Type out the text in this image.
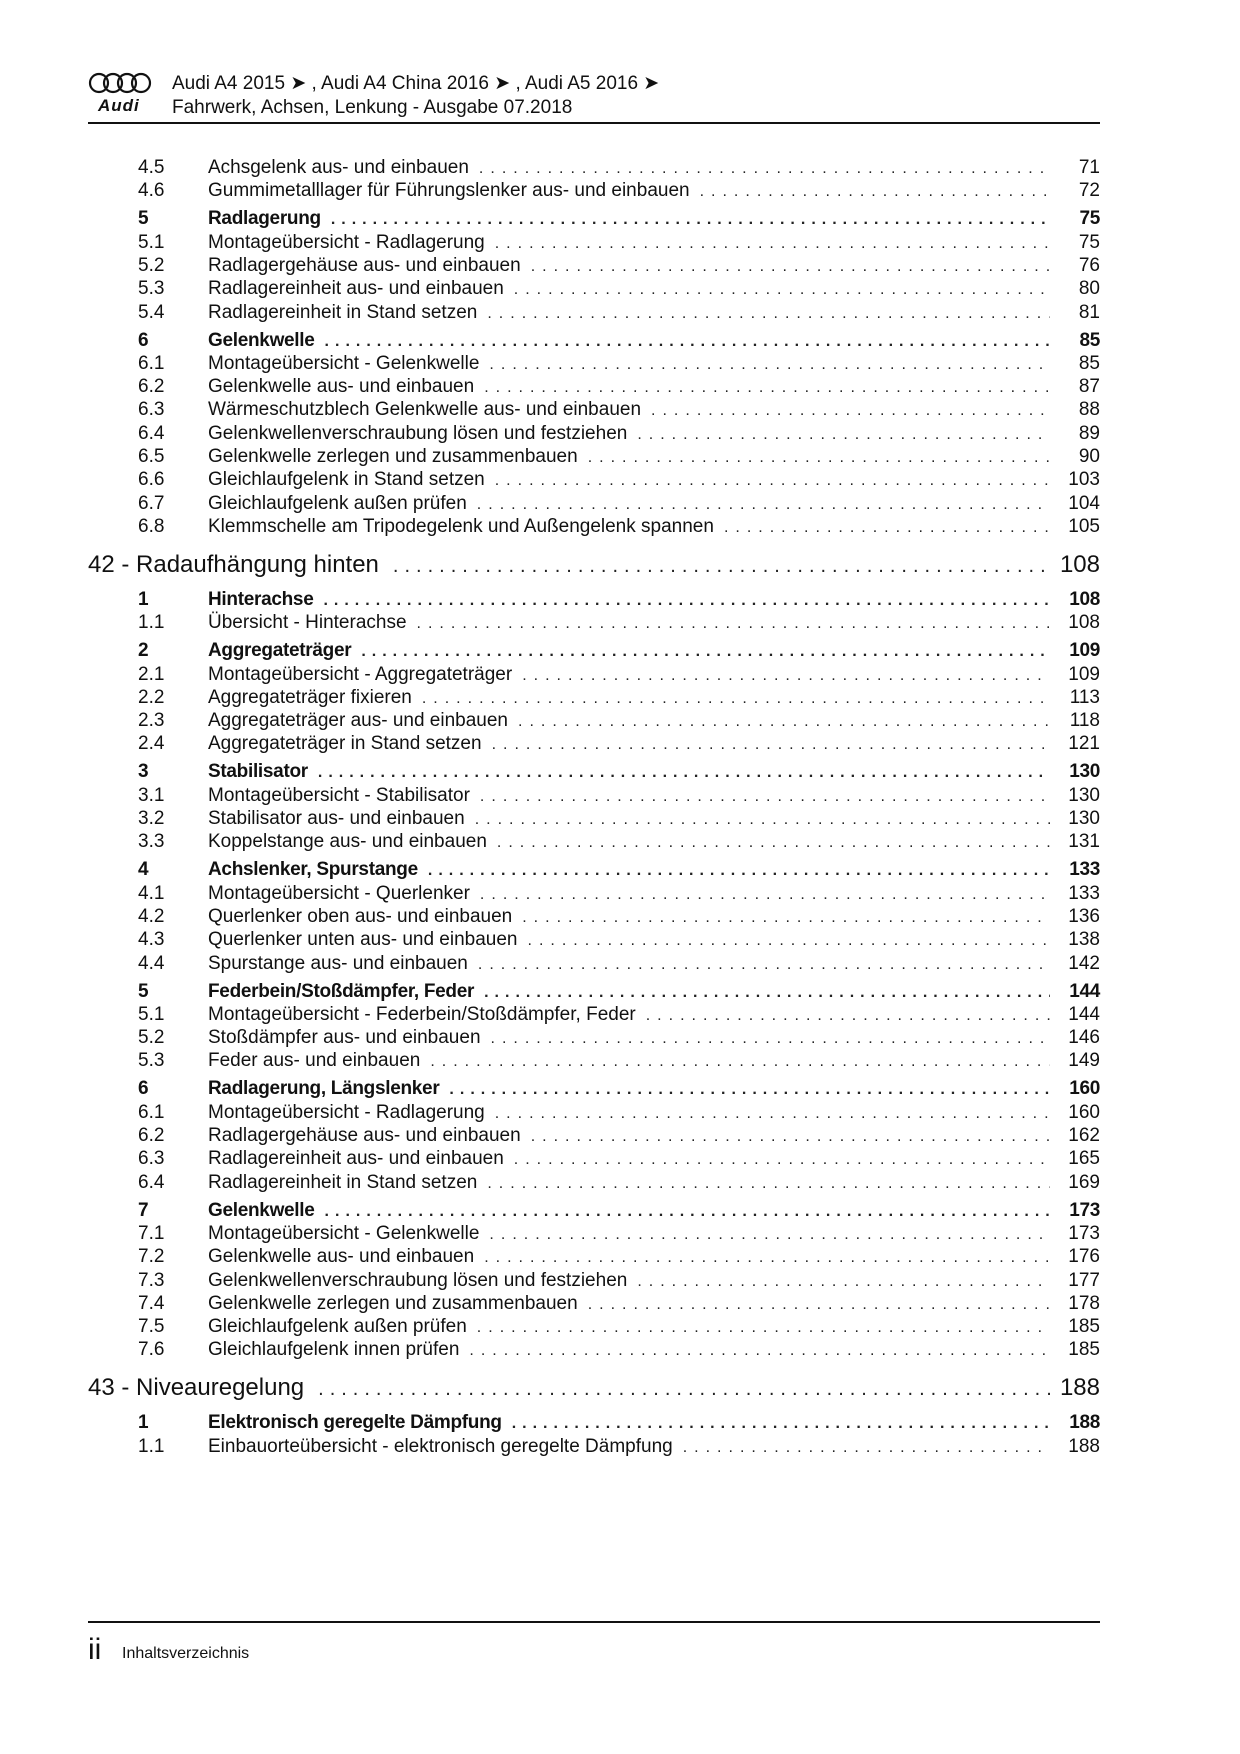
Audi
Audi A4 2015 ➤ , Audi A4 China 2016 ➤ , Audi A5 2016 ➤
Fahrwerk, Achsen, Lenkung - Ausgabe 07.2018
4.5 Achsgelenk aus- und einbauen .....	71
4.6 Gummimetalllager für Führungslenker aus- und einbauen .....	72
5	Radlagerung .....	75
5.1 Montageübersicht - Radlagerung .....	75
5.2 Radlagergehäuse aus- und einbauen .....	76
5.3 Radlagereinheit aus- und einbauen .....	80
5.4 Radlagereinheit in Stand setzen .....	81
6	Gelenkwelle .....	85
6.1 Montageübersicht - Gelenkwelle .....	85
6.2 Gelenkwelle aus- und einbauen .....	87
6.3 Wärmeschutzblech Gelenkwelle aus- und einbauen .....	88
6.4 Gelenkwellenverschraubung lösen und festziehen .....	89
6.5 Gelenkwelle zerlegen und zusammenbauen .....	90
6.6 Gleichlaufgelenk in Stand setzen .....	103
6.7 Gleichlaufgelenk außen prüfen .....	104
6.8 Klemmschelle am Tripodegelenk und Außengelenk spannen .....	105
42 - Radaufhängung hinten .....	108
1	Hinterachse .....	108
1.1 Übersicht - Hinterachse .....	108
2	Aggregateträger .....	109
2.1 Montageübersicht - Aggregateträger .....	109
2.2 Aggregateträger fixieren .....	113
2.3 Aggregateträger aus- und einbauen .....	118
2.4 Aggregateträger in Stand setzen .....	121
3	Stabilisator .....	130
3.1 Montageübersicht - Stabilisator .....	130
3.2 Stabilisator aus- und einbauen .....	130
3.3 Koppelstange aus- und einbauen .....	131
4	Achslenker, Spurstange .....	133
4.1 Montageübersicht - Querlenker .....	133
4.2 Querlenker oben aus- und einbauen .....	136
4.3 Querlenker unten aus- und einbauen .....	138
4.4 Spurstange aus- und einbauen .....	142
5	Federbein/Stoßdämpfer, Feder .....	144
5.1 Montageübersicht - Federbein/Stoßdämpfer, Feder .....	144
5.2 Stoßdämpfer aus- und einbauen .....	146
5.3 Feder aus- und einbauen .....	149
6	Radlagerung, Längslenker .....	160
6.1 Montageübersicht - Radlagerung .....	160
6.2 Radlagergehäuse aus- und einbauen .....	162
6.3 Radlagereinheit aus- und einbauen .....	165
6.4 Radlagereinheit in Stand setzen .....	169
7	Gelenkwelle .....	173
7.1 Montageübersicht - Gelenkwelle .....	173
7.2 Gelenkwelle aus- und einbauen .....	176
7.3 Gelenkwellenverschraubung lösen und festziehen .....	177
7.4 Gelenkwelle zerlegen und zusammenbauen .....	178
7.5 Gleichlaufgelenk außen prüfen .....	185
7.6 Gleichlaufgelenk innen prüfen .....	185
43 - Niveauregelung .....	188
1	Elektronisch geregelte Dämpfung .....	188
1.1 Einbauorteübersicht - elektronisch geregelte Dämpfung .....	188
ii Inhaltsverzeichnis
